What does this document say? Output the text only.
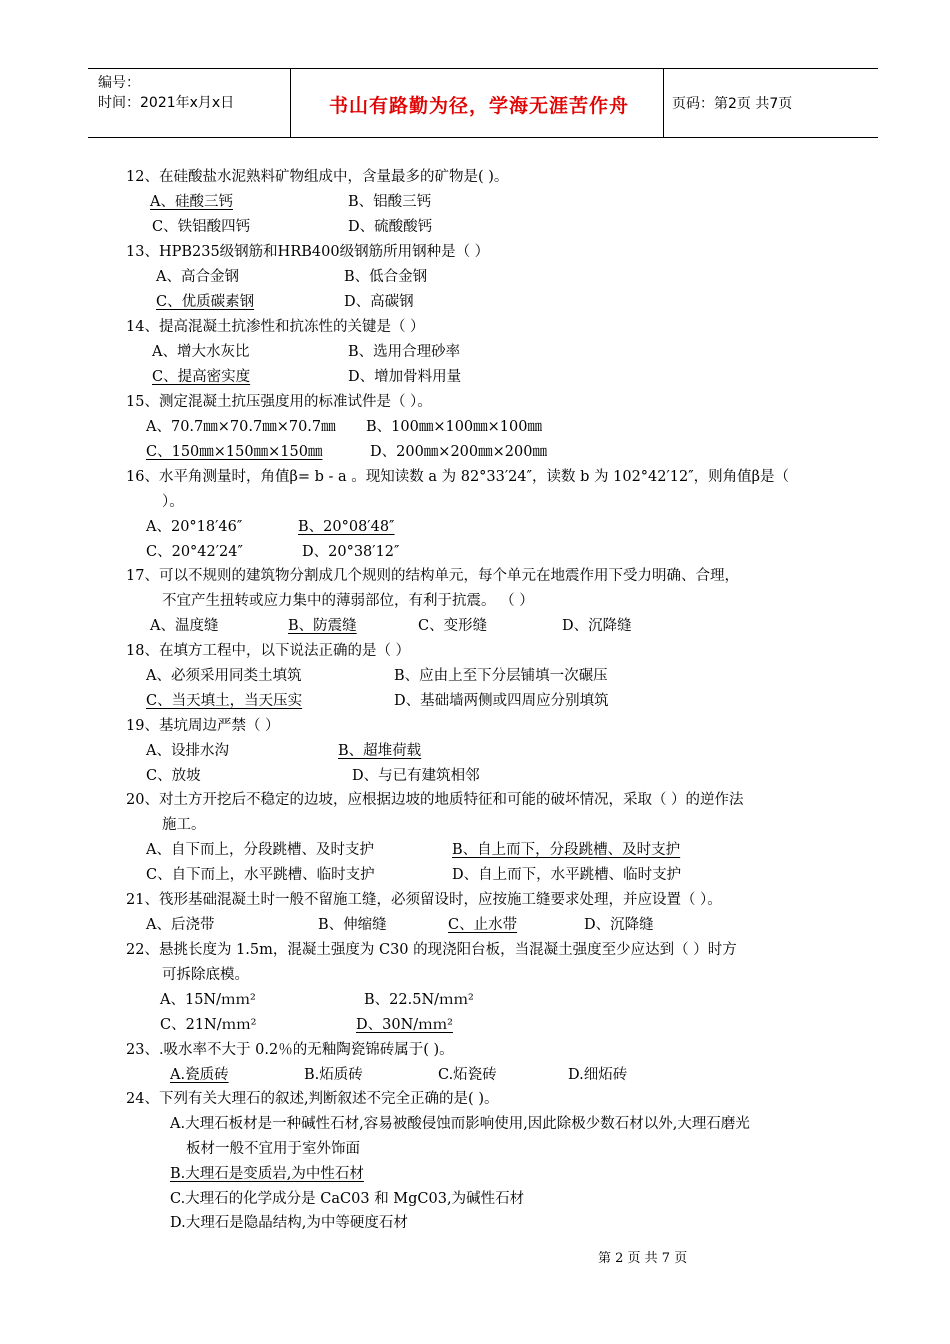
编号：
时间：2021年x月x日	书山有路勤为径，学海无涯苦作舟	页码：第2页 共7页
12、在硅酸盐水泥熟料矿物组成中，含量最多的矿物是( )。
A、硅酸三钙	B、铝酸三钙
C、铁铝酸四钙	D、硫酸酸钙
13、HPB235级钢筋和HRB400级钢筋所用钢种是（ ）
A、高合金钢	B、低合金钢
C、优质碳素钢	D、高碳钢
14、提高混凝土抗渗性和抗冻性的关键是（ ）
A、增大水灰比	B、选用合理砂率
C、提高密实度	D、增加骨料用量
15、测定混凝土抗压强度用的标准试件是（ ）。
A、70.7㎜×70.7㎜×70.7㎜ B、100㎜×100㎜×100㎜
C、150㎜×150㎜×150㎜	D、200㎜×200㎜×200㎜
16、水平角测量时，角值β= b - a 。现知读数 a 为 82°33′24″，读数 b 为 102°42′12″，则角值β是（
）。
A、20°18′46″	B、20°08′48″
C、20°42′24″	D、20°38′12″
17、可以不规则的建筑物分割成几个规则的结构单元，每个单元在地震作用下受力明确、合理，
不宜产生扭转或应力集中的薄弱部位，有利于抗震。 （ ）
A、温度缝	B、防震缝	C、变形缝	D、沉降缝
18、在填方工程中，以下说法正确的是（ ）
A、必须采用同类土填筑	B、应由上至下分层铺填一次碾压
C、当天填土，当天压实	D、基础墙两侧或四周应分别填筑
19、基坑周边严禁（ ）
A、设排水沟	B、超堆荷载
C、放坡	D、与已有建筑相邻
20、对土方开挖后不稳定的边坡，应根据边坡的地质特征和可能的破坏情况，采取（ ）的逆作法
施工。
A、自下而上，分段跳槽、及时支护	B、自上而下，分段跳槽、及时支护
C、自下而上，水平跳槽、临时支护	D、自上而下，水平跳槽、临时支护
21、筏形基础混凝土时一般不留施工缝，必须留设时，应按施工缝要求处理，并应设置（ ）。
A、后浇带	B、伸缩缝	C、止水带	D、沉降缝
22、悬挑长度为 1.5m，混凝土强度为 C30 的现浇阳台板，当混凝土强度至少应达到（ ）时方
可拆除底模。
A、15N/ｍｍ²	B、22.5N/ｍｍ²
C、21N/ｍｍ²	D、30N/ｍｍ²
23、.吸水率不大于 0.2％的无釉陶瓷锦砖属于( )。
A.瓷质砖	B.炻质砖	C.炻瓷砖	D.细炻砖
24、下列有关大理石的叙述,判断叙述不完全正确的是( )。
A.大理石板材是一种碱性石材,容易被酸侵蚀而影响使用,因此除极少数石材以外,大理石磨光
板材一般不宜用于室外饰面
B.大理石是变质岩,为中性石材
C.大理石的化学成分是 CaC03 和 MgC03,为碱性石材
D.大理石是隐晶结构,为中等硬度石材
第 2 页 共 7 页
